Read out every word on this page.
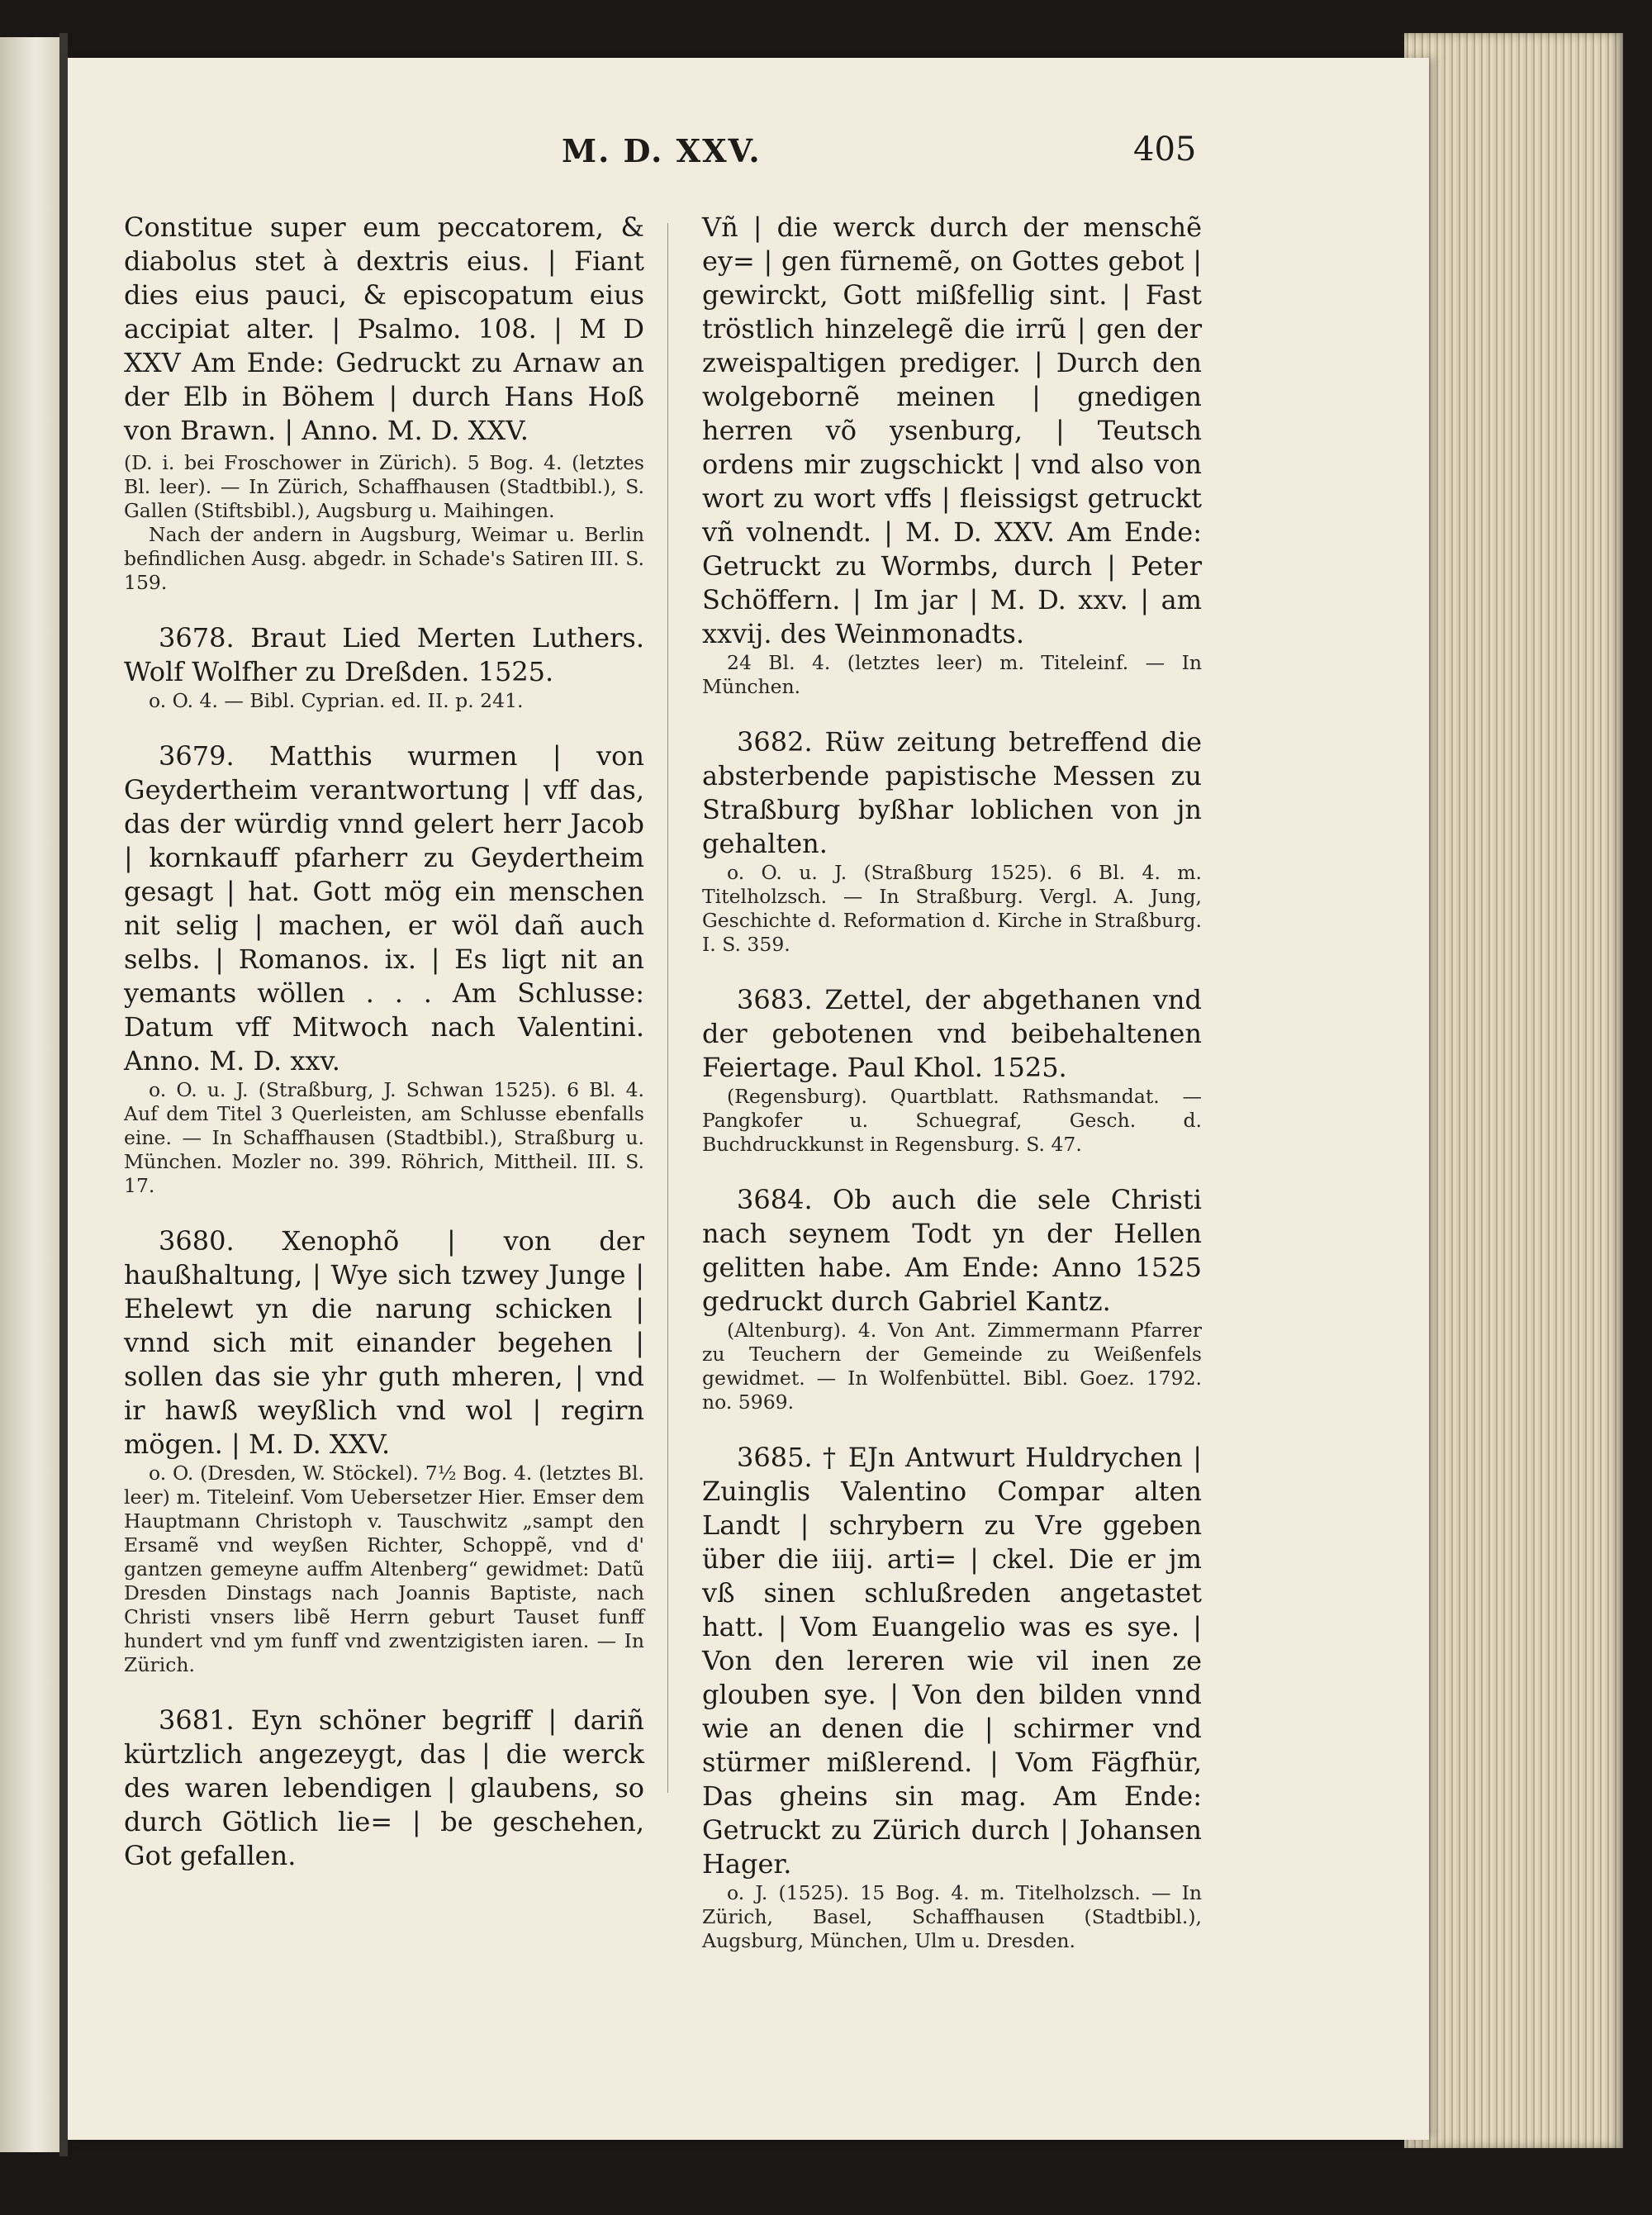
M. D. XXV.	405

Constitue super eum peccatorem, & diabolus stet à dextris eius. | Fiant dies eius pauci, & episcopatum eius accipiat alter. | Psalmo. 108. | M D XXV Am Ende: Gedruckt zu Arnaw an der Elb in Böhem | durch Hans Hoß von Brawn. | Anno. M. D. XXV.

(D. i. bei Froschower in Zürich). 5 Bog. 4. (letztes Bl. leer). — In Zürich, Schaffhausen (Stadtbibl.), S. Gallen (Stiftsbibl.), Augsburg u. Maihingen.

Nach der andern in Augsburg, Weimar u. Berlin befindlichen Ausg. abgedr. in Schade's Satiren III. S. 159.

3678. Braut Lied Merten Luthers. Wolf Wolfher zu Dreßden. 1525.

o. O. 4. — Bibl. Cyprian. ed. II. p. 241.

3679. Matthis wurmen | von Geydertheim verantwortung | vff das, das der würdig vnnd gelert herr Jacob | kornkauff pfarherr zu Geydertheim gesagt | hat. Gott mög ein menschen nit selig | machen, er wöl dañ auch selbs. | Romanos. ix. | Es ligt nit an yemants wöllen . . . Am Schlusse: Datum vff Mitwoch nach Valentini. Anno. M. D. xxv.

o. O. u. J. (Straßburg, J. Schwan 1525). 6 Bl. 4. Auf dem Titel 3 Querleisten, am Schlusse ebenfalls eine. — In Schaffhausen (Stadtbibl.), Straßburg u. München. Mozler no. 399. Röhrich, Mittheil. III. S. 17.

3680. Xenophõ | von der haußhaltung, | Wye sich tzwey Junge | Ehelewt yn die narung schicken | vnnd sich mit einander begehen | sollen das sie yhr guth mheren, | vnd ir hawß weyßlich vnd wol | regirn mögen. | M. D. XXV.

o. O. (Dresden, W. Stöckel). 7½ Bog. 4. (letztes Bl. leer) m. Titeleinf. Vom Uebersetzer Hier. Emser dem Hauptmann Christoph v. Tauschwitz „sampt den Ersamẽ vnd weyßen Richter, Schoppẽ, vnd d' gantzen gemeyne auffm Altenberg“ gewidmet: Datũ Dresden Dinstags nach Joannis Baptiste, nach Christi vnsers libẽ Herrn geburt Tauset funff hundert vnd ym funff vnd zwentzigisten iaren. — In Zürich.

3681. Eyn schöner begriff | dariñ kürtzlich angezeygt, das | die werck des waren lebendigen | glaubens, so durch Götlich lie= | be geschehen, Got gefallen.

Vñ | die werck durch der menschẽ ey= | gen fürnemẽ, on Gottes gebot | gewirckt, Gott mißfellig sint. | Fast tröstlich hinzelegẽ die irrũ | gen der zweispaltigen prediger. | Durch den wolgebornẽ meinen | gnedigen herren võ ysenburg, | Teutsch ordens mir zugschickt | vnd also von wort zu wort vffs | fleissigst getruckt vñ volnendt. | M. D. XXV. Am Ende: Getruckt zu Wormbs, durch | Peter Schöffern. | Im jar | M. D. xxv. | am xxvij. des Weinmonadts.

24 Bl. 4. (letztes leer) m. Titeleinf. — In München.

3682. Rüw zeitung betreffend die absterbende papistische Messen zu Straßburg byßhar loblichen von jn gehalten.

o. O. u. J. (Straßburg 1525). 6 Bl. 4. m. Titelholzsch. — In Straßburg. Vergl. A. Jung, Geschichte d. Reformation d. Kirche in Straßburg. I. S. 359.

3683. Zettel, der abgethanen vnd der gebotenen vnd beibehaltenen Feiertage. Paul Khol. 1525.

(Regensburg). Quartblatt. Rathsmandat. — Pangkofer u. Schuegraf, Gesch. d. Buchdruckkunst in Regensburg. S. 47.

3684. Ob auch die sele Christi nach seynem Todt yn der Hellen gelitten habe. Am Ende: Anno 1525 gedruckt durch Gabriel Kantz.

(Altenburg). 4. Von Ant. Zimmermann Pfarrer zu Teuchern der Gemeinde zu Weißenfels gewidmet. — In Wolfenbüttel. Bibl. Goez. 1792. no. 5969.

3685. † EJn Antwurt Huldrychen | Zuinglis Valentino Compar alten Landt | schrybern zu Vre ggeben über die iiij. arti= | ckel. Die er jm vß sinen schlußreden angetastet hatt. | Vom Euangelio was es sye. | Von den lereren wie vil inen ze glouben sye. | Von den bilden vnnd wie an denen die | schirmer vnd stürmer mißlerend. | Vom Fägfhür, Das gheins sin mag. Am Ende: Getruckt zu Zürich durch | Johansen Hager.

o. J. (1525). 15 Bog. 4. m. Titelholzsch. — In Zürich, Basel, Schaffhausen (Stadtbibl.), Augsburg, München, Ulm u. Dresden.
